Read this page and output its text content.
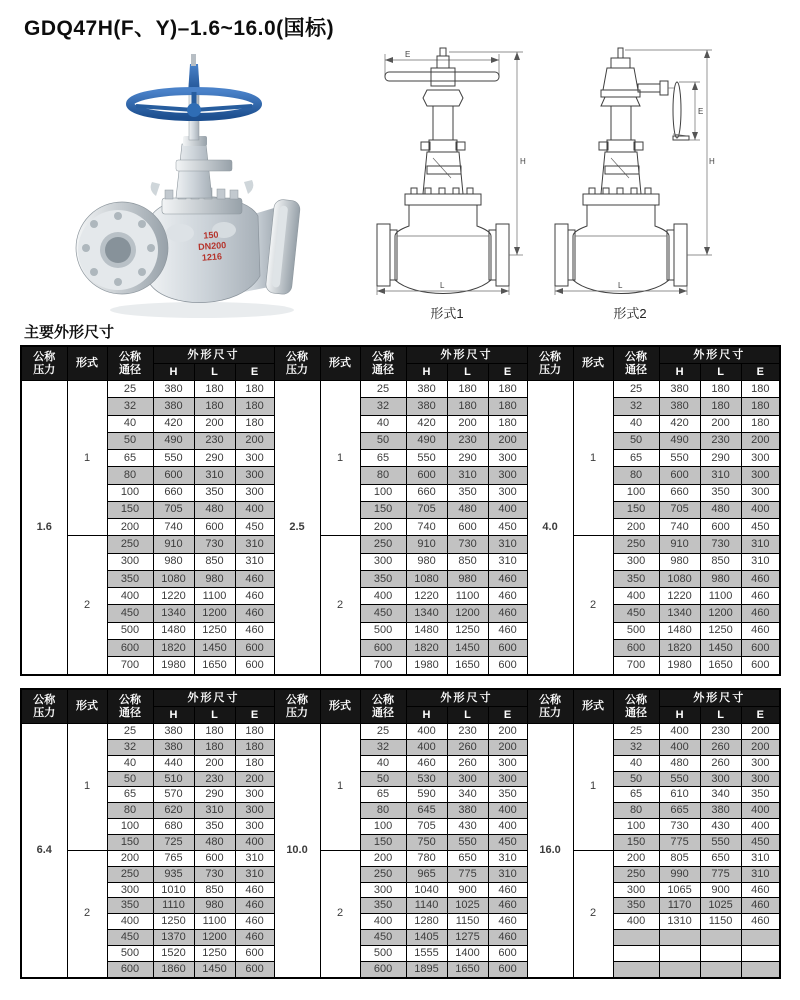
GDQ47H(F、Y)–1.6~16.0(国标)
150
DN200
1216
E
H
L
形式1
E
H
L
形式2
主要外形尺寸
公称
压力	形式	公称
通径	外形尺寸			公称
压力	形式	公称
通径	外形尺寸			公称
压力	形式	公称
通径	外形尺寸		
			H	L	E				H	L	E				H	L	E
1.6	1	25	380	180	180	2.5	1	25	380	180	180	4.0	1	25	380	180	180
		32	380	180	180			32	380	180	180			32	380	180	180
		40	420	200	180			40	420	200	180			40	420	200	180
		50	490	230	200			50	490	230	200			50	490	230	200
		65	550	290	300			65	550	290	300			65	550	290	300
		80	600	310	300			80	600	310	300			80	600	310	300
		100	660	350	300			100	660	350	300			100	660	350	300
		150	705	480	400			150	705	480	400			150	705	480	400
		200	740	600	450			200	740	600	450			200	740	600	450
	2	250	910	730	310		2	250	910	730	310		2	250	910	730	310
		300	980	850	310			300	980	850	310			300	980	850	310
		350	1080	980	460			350	1080	980	460			350	1080	980	460
		400	1220	1100	460			400	1220	1100	460			400	1220	1100	460
		450	1340	1200	460			450	1340	1200	460			450	1340	1200	460
		500	1480	1250	460			500	1480	1250	460			500	1480	1250	460
		600	1820	1450	600			600	1820	1450	600			600	1820	1450	600
		700	1980	1650	600			700	1980	1650	600			700	1980	1650	600
公称
压力	形式	公称
通径	外形尺寸			公称
压力	形式	公称
通径	外形尺寸			公称
压力	形式	公称
通径	外形尺寸		
			H	L	E				H	L	E				H	L	E
6.4	1	25	380	180	180	10.0	1	25	400	230	200	16.0	1	25	400	230	200
		32	380	180	180			32	400	260	200			32	400	260	200
		40	440	200	180			40	460	260	300			40	480	260	300
		50	510	230	200			50	530	300	300			50	550	300	300
		65	570	290	300			65	590	340	350			65	610	340	350
		80	620	310	300			80	645	380	400			80	665	380	400
		100	680	350	300			100	705	430	400			100	730	430	400
		150	725	480	400			150	750	550	450			150	775	550	450
	2	200	765	600	310		2	200	780	650	310		2	200	805	650	310
		250	935	730	310			250	965	775	310			250	990	775	310
		300	1010	850	460			300	1040	900	460			300	1065	900	460
		350	1110	980	460			350	1140	1025	460			350	1170	1025	460
		400	1250	1100	460			400	1280	1150	460			400	1310	1150	460
		450	1370	1200	460			450	1405	1275	460						
		500	1520	1250	600			500	1555	1400	600						
		600	1860	1450	600			600	1895	1650	600						
